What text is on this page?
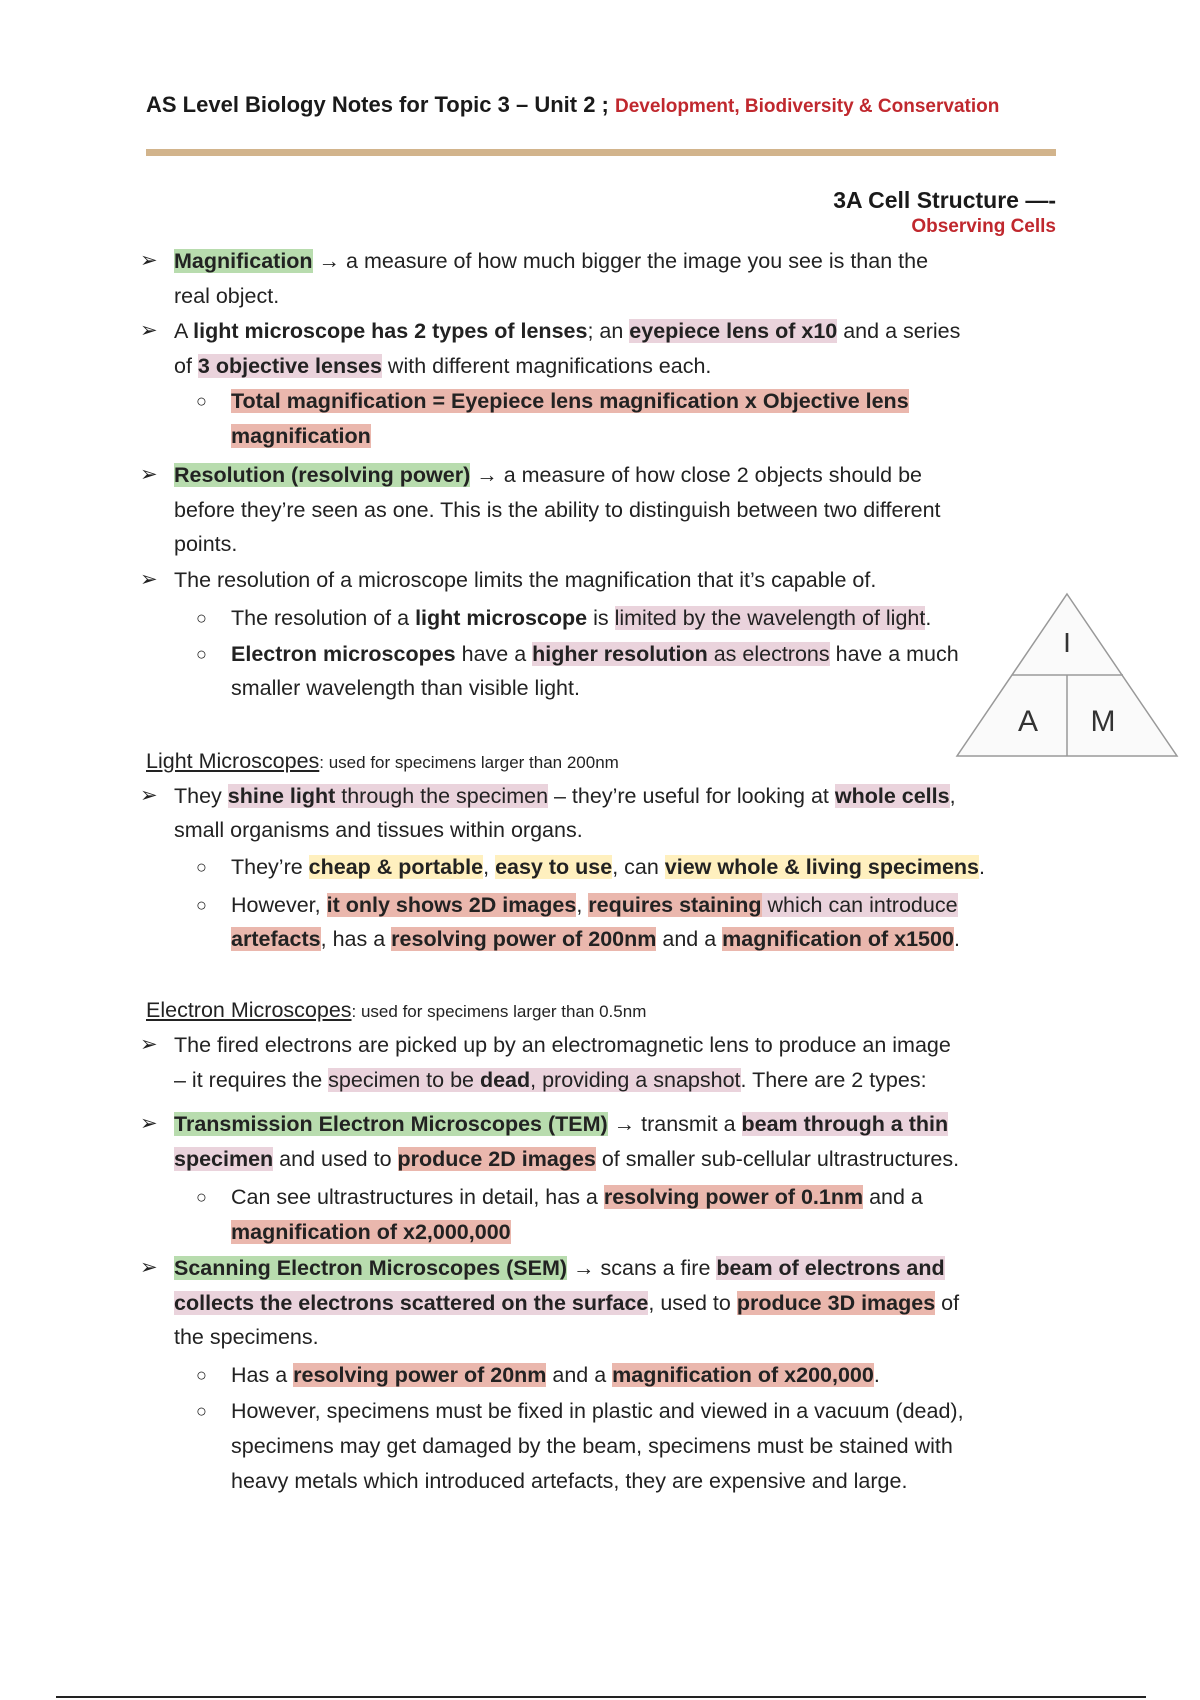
AS Level Biology Notes for Topic 3 – Unit 2 ; Development, Biodiversity & Conservation
3A Cell Structure —-
Observing Cells
➢ Magnification → a measure of how much bigger the image you see is than the
real object.
➢ A light microscope has 2 types of lenses; an eyepiece lens of x10 and a series
of 3 objective lenses with different magnifications each.
○ Total magnification = Eyepiece lens magnification x Objective lens
magnification
➢ Resolution (resolving power) → a measure of how close 2 objects should be
before they’re seen as one. This is the ability to distinguish between two different
points.
➢ The resolution of a microscope limits the magnification that it’s capable of.
○ The resolution of a light microscope is limited by the wavelength of light.
○ Electron microscopes have a higher resolution as electrons have a much
smaller wavelength than visible light.
I
A M
Light Microscopes: used for specimens larger than 200nm
➢ They shine light through the specimen – they’re useful for looking at whole cells,
small organisms and tissues within organs.
○ They’re cheap & portable, easy to use, can view whole & living specimens.
○ However, it only shows 2D images, requires staining which can introduce
artefacts, has a resolving power of 200nm and a magnification of x1500.
Electron Microscopes: used for specimens larger than 0.5nm
➢ The fired electrons are picked up by an electromagnetic lens to produce an image
– it requires the specimen to be dead, providing a snapshot. There are 2 types:
➢ Transmission Electron Microscopes (TEM) → transmit a beam through a thin
specimen and used to produce 2D images of smaller sub-cellular ultrastructures.
○ Can see ultrastructures in detail, has a resolving power of 0.1nm and a
magnification of x2,000,000
➢ Scanning Electron Microscopes (SEM) → scans a fire beam of electrons and
collects the electrons scattered on the surface, used to produce 3D images of
the specimens.
○ Has a resolving power of 20nm and a magnification of x200,000.
○ However, specimens must be fixed in plastic and viewed in a vacuum (dead),
specimens may get damaged by the beam, specimens must be stained with
heavy metals which introduced artefacts, they are expensive and large.
